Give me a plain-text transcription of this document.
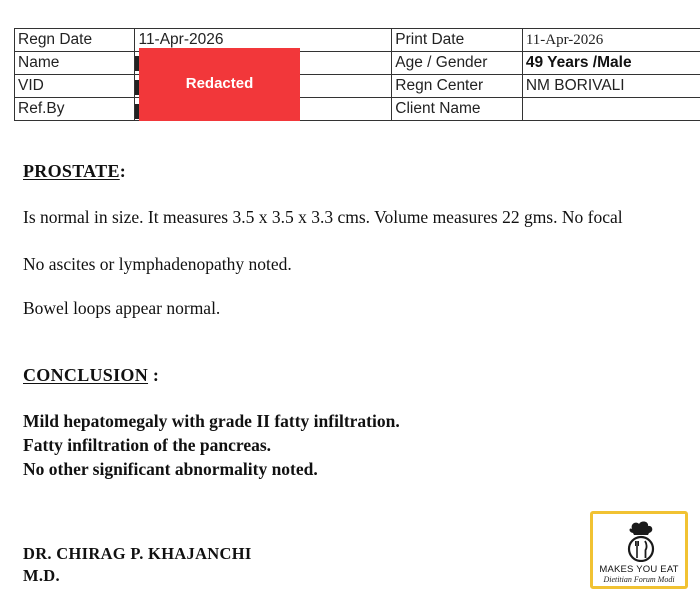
Regn Date	11-Apr-2026	Print Date	11-Apr-2026
Name		Age / Gender	49 Years /Male
VID		Regn Center	NM BORIVALI
Ref.By		Client Name	
Redacted
PROSTATE:
Is normal in size. It measures 3.5 x 3.5 x 3.3 cms. Volume measures 22 gms. No focal
No ascites or lymphadenopathy noted.
Bowel loops appear normal.
CONCLUSION :
Mild hepatomegaly with grade II fatty infiltration.
Fatty infiltration of the pancreas.
No other significant abnormality noted.
DR. CHIRAG P. KHAJANCHI
M.D.	MAKES YOU EAT
Dietitian Forum Modi
